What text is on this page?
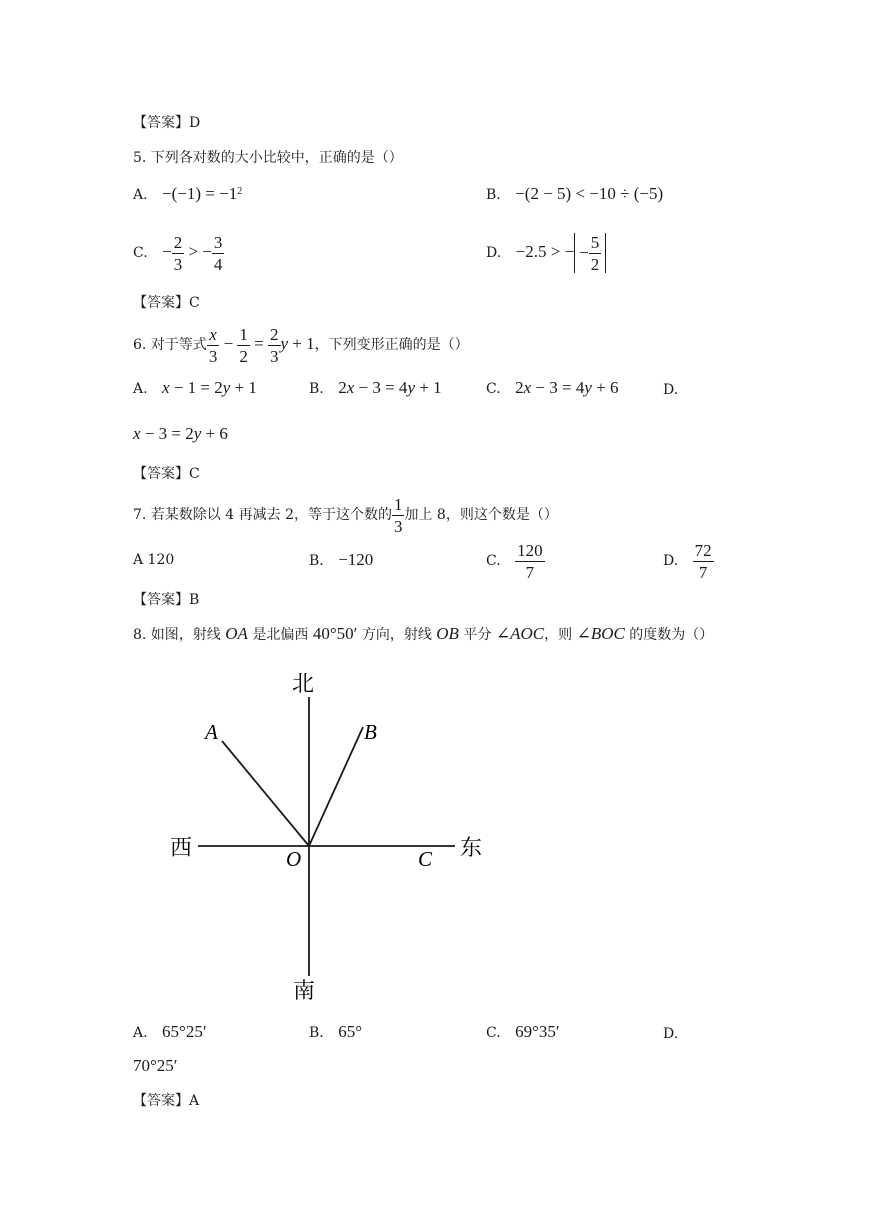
【答案】D
5. 下列各对数的大小比较中，正确的是（）
A. $-(-1) = -1^2$	B. −(2 − 5) < −10 ÷ (−5)
C. − $\frac{2}{3}$ > − $\frac{3}{4}$	D. −2.5 > − − $\frac{5}{2}$
【答案】C
6. 对于等式 $\frac{x}{3} - \frac{1}{2} = \frac{2}{3}$ y + 1，下列变形正确的是（）
A. x − 1 = 2y + 1	B. 2x − 3 = 4y + 1	C. 2x − 3 = 4y + 6	D.
x − 3 = 2y + 6
【答案】C
7. 若某数除以 4 再减去 2，等于这个数的 $\frac{1}{3}$ 加上 8，则这个数是（）
A 120	B. −120	C. $\frac{120}{7}$	D. $\frac{72}{7}$
【答案】B
8. 如图，射线 OA 是北偏西 40°50′ 方向，射线 OB 平分 ∠AOC，则 ∠BOC 的度数为（）
北
南
西	东
A	B
O	C
A. 65°25′	B. 65°	C. 69°35′	D.
70°25′
【答案】A
